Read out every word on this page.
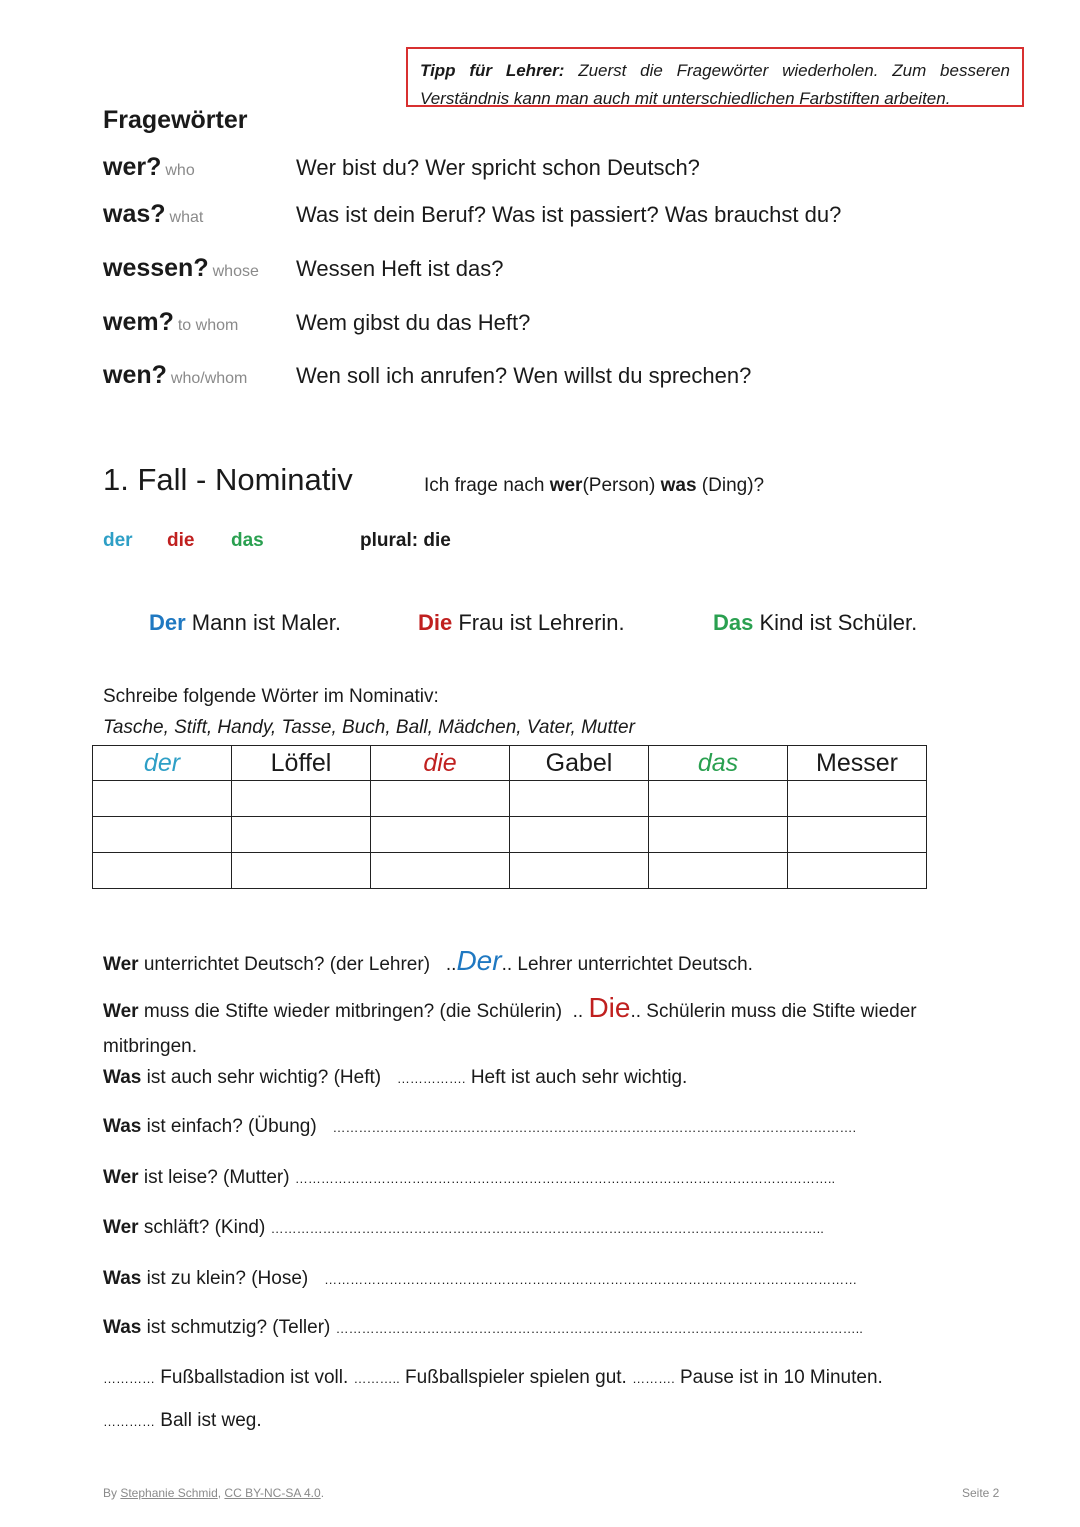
Tipp für Lehrer: Zuerst die Fragewörter wiederholen. Zum besseren
Verständnis kann man auch mit unterschiedlichen Farbstiften arbeiten.
Fragewörter
wer? who	Wer bist du? Wer spricht schon Deutsch?
was? what	Was ist dein Beruf? Was ist passiert? Was brauchst du?
wessen? whose Wessen Heft ist das?
wem? to whom	Wem gibst du das Heft?
wen? who/whom Wen soll ich anrufen? Wen willst du sprechen?
1. Fall - Nominativ	Ich frage nach wer(Person) was (Ding)?
der die das	plural: die
Der Mann ist Maler.	Die Frau ist Lehrerin.	Das Kind ist Schüler.
Schreibe folgende Wörter im Nominativ:
Tasche, Stift, Handy, Tasse, Buch, Ball, Mädchen, Vater, Mutter
der	Löffel	die	Gabel	das	Messer

Wer unterrichtet Deutsch? (der Lehrer) ..Der.. Lehrer unterrichtet Deutsch.
Wer muss die Stifte wieder mitbringen? (die Schülerin) .. Die.. Schülerin muss die Stifte wieder
mitbringen.
Was ist auch sehr wichtig? (Heft) ……………. Heft ist auch sehr wichtig.
Was ist einfach? (Übung) ………………………………………………………………………………………………………….
Wer ist leise? (Mutter) ……………………………………………………………………………………………………………..
Wer schläft? (Kind) ………………………………………………………………………………………………………………..
Was ist zu klein? (Hose) ……………………………………………………………………………………………………………
Was ist schmutzig? (Teller) …………………………………………………………………………………………………………..
………… Fußballstadion ist voll. ……….. Fußballspieler spielen gut. ………. Pause ist in 10 Minuten.
………… Ball ist weg.
By Stephanie Schmid, CC BY-NC-SA 4.0.	Seite 2
